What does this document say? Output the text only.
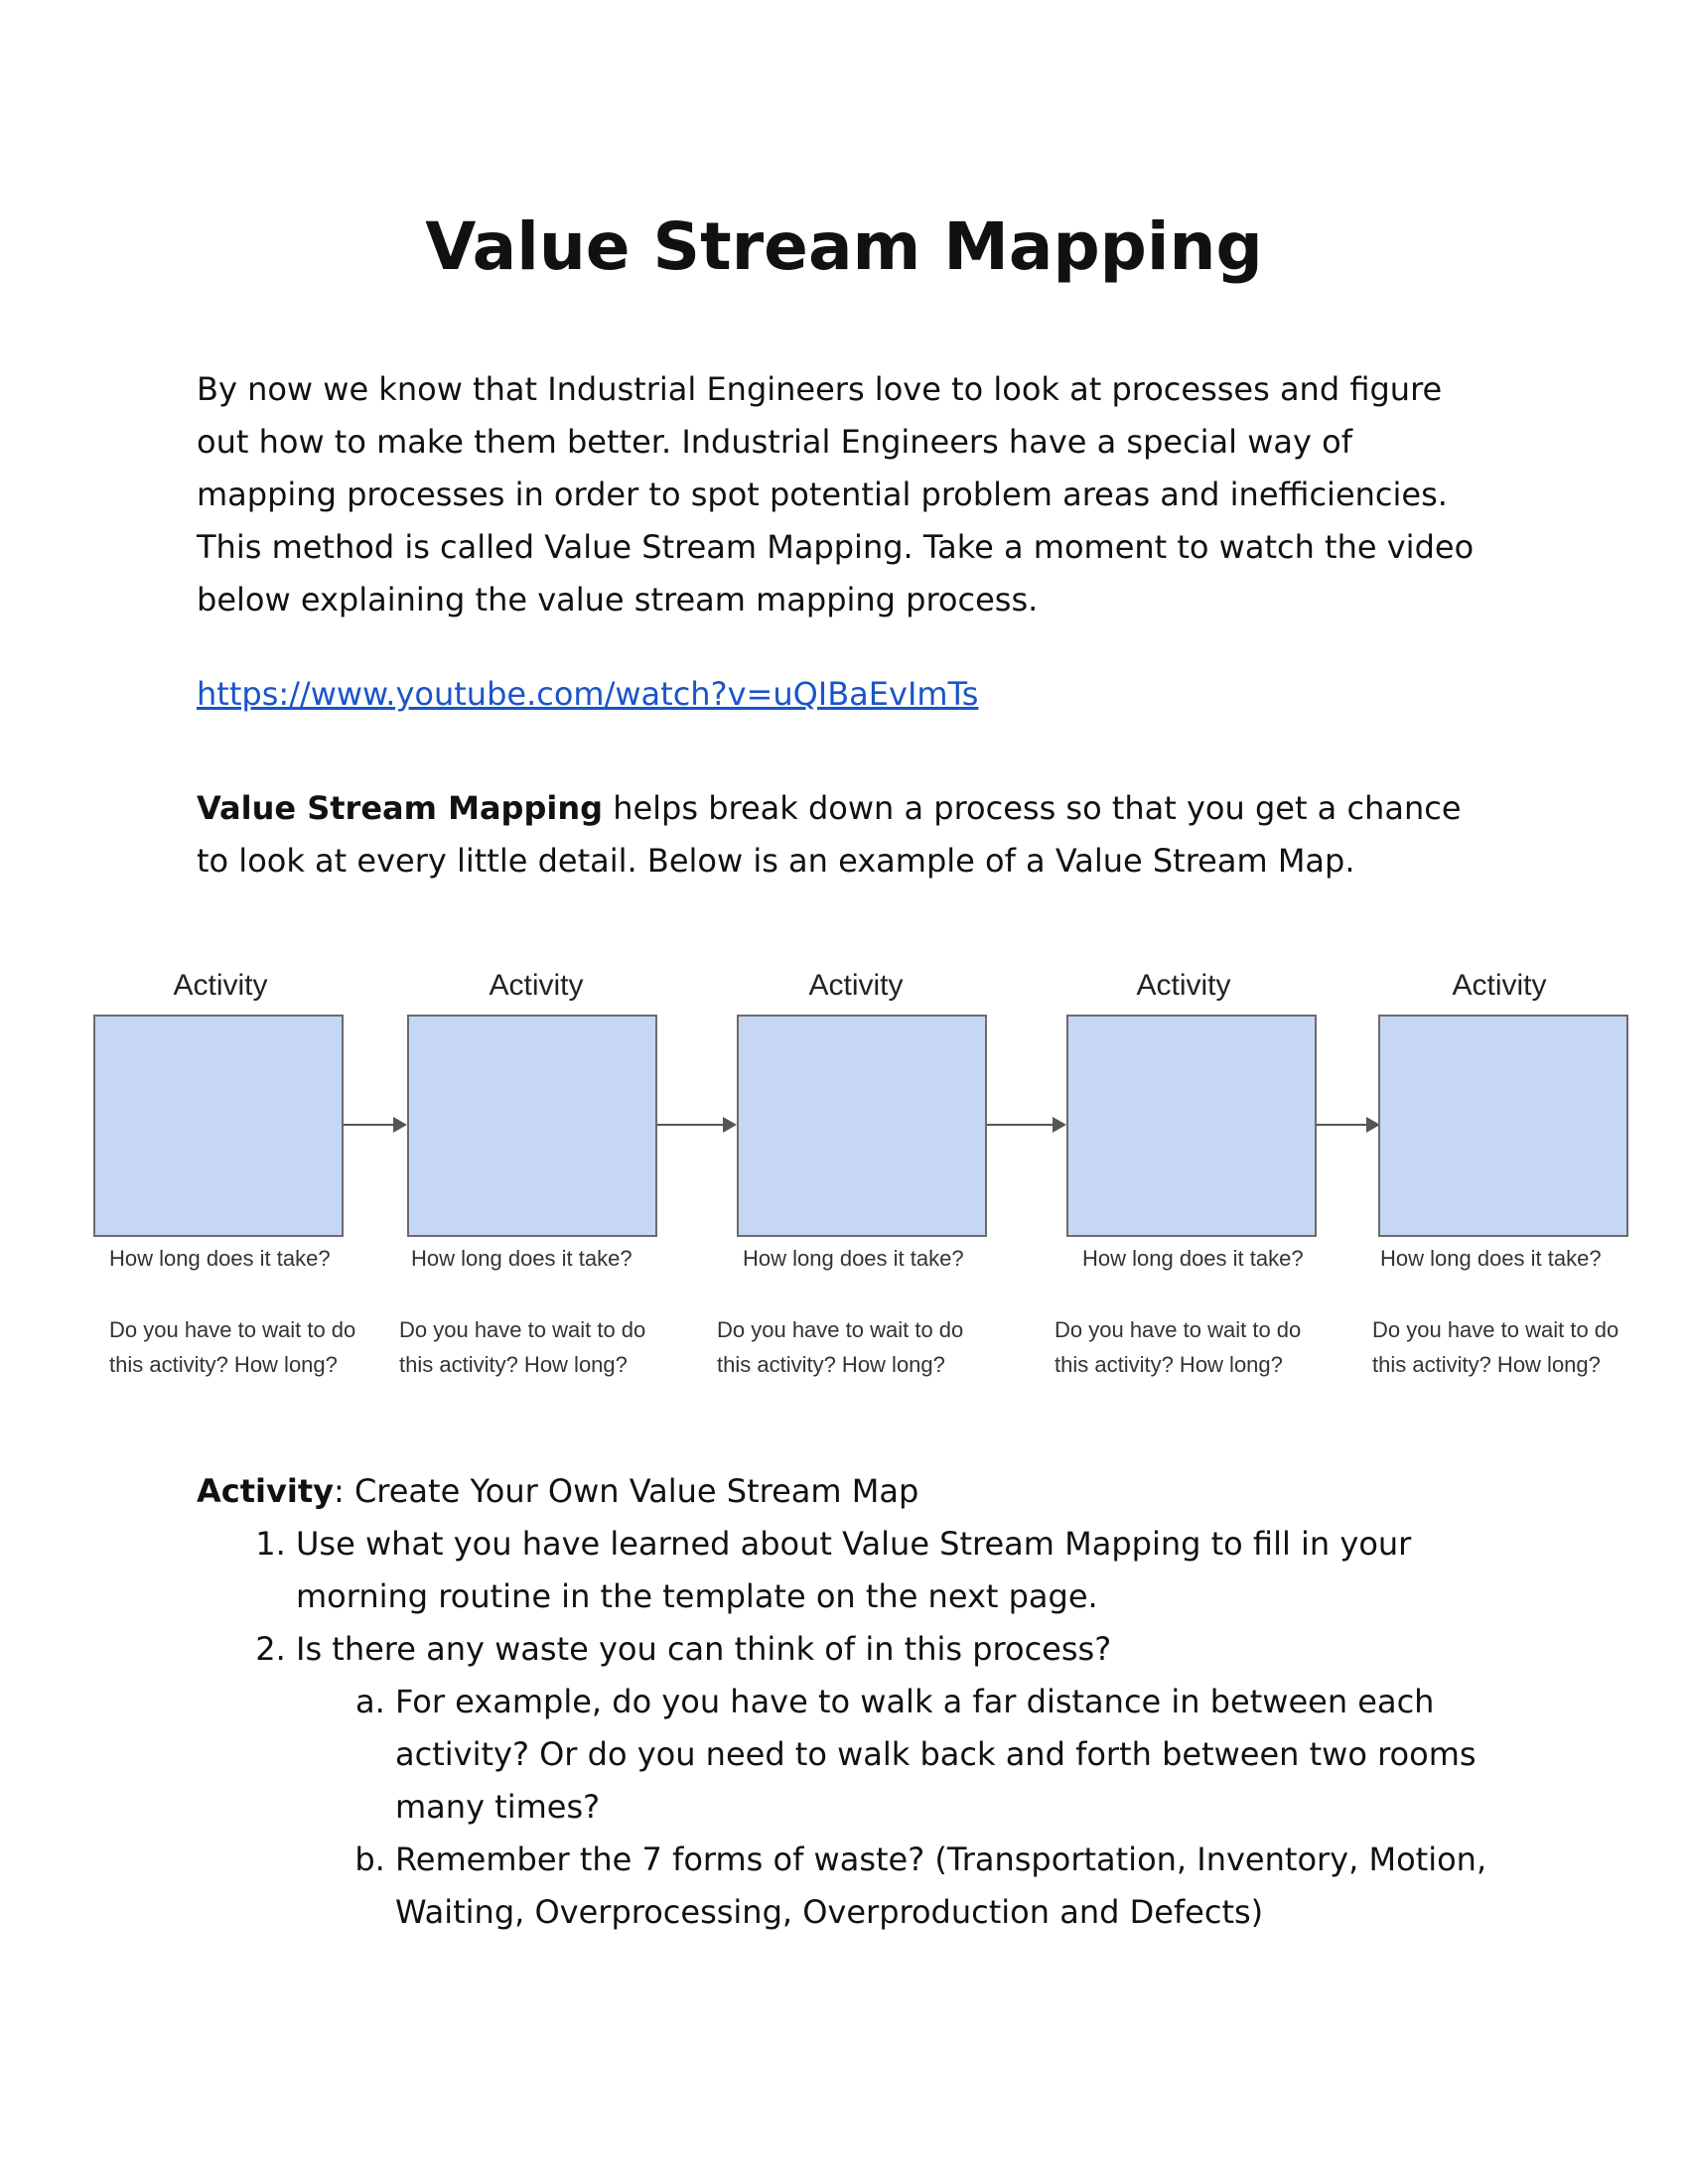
Value Stream Mapping

By now we know that Industrial Engineers love to look at processes and figure out how to make them better. Industrial Engineers have a special way of mapping processes in order to spot potential problem areas and inefficiencies. This method is called Value Stream Mapping. Take a moment to watch the video below explaining the value stream mapping process.

https://www.youtube.com/watch?v=uQIBaEvImTs

Value Stream Mapping helps break down a process so that you get a chance to look at every little detail. Below is an example of a Value Stream Map.

Activity
How long does it take?
Do you have to wait to do this activity? How long?
Activity
How long does it take?
Do you have to wait to do this activity? How long?
Activity
How long does it take?
Do you have to wait to do this activity? How long?
Activity
How long does it take?
Do you have to wait to do this activity? How long?
Activity
How long does it take?
Do you have to wait to do this activity? How long?
Activity: Create Your Own Value Stream Map
1. Use what you have learned about Value Stream Mapping to fill in your morning routine in the template on the next page.
2. Is there any waste you can think of in this process?
a. For example, do you have to walk a far distance in between each activity? Or do you need to walk back and forth between two rooms many times?
b. Remember the 7 forms of waste? (Transportation, Inventory, Motion, Waiting, Overprocessing, Overproduction and Defects)
